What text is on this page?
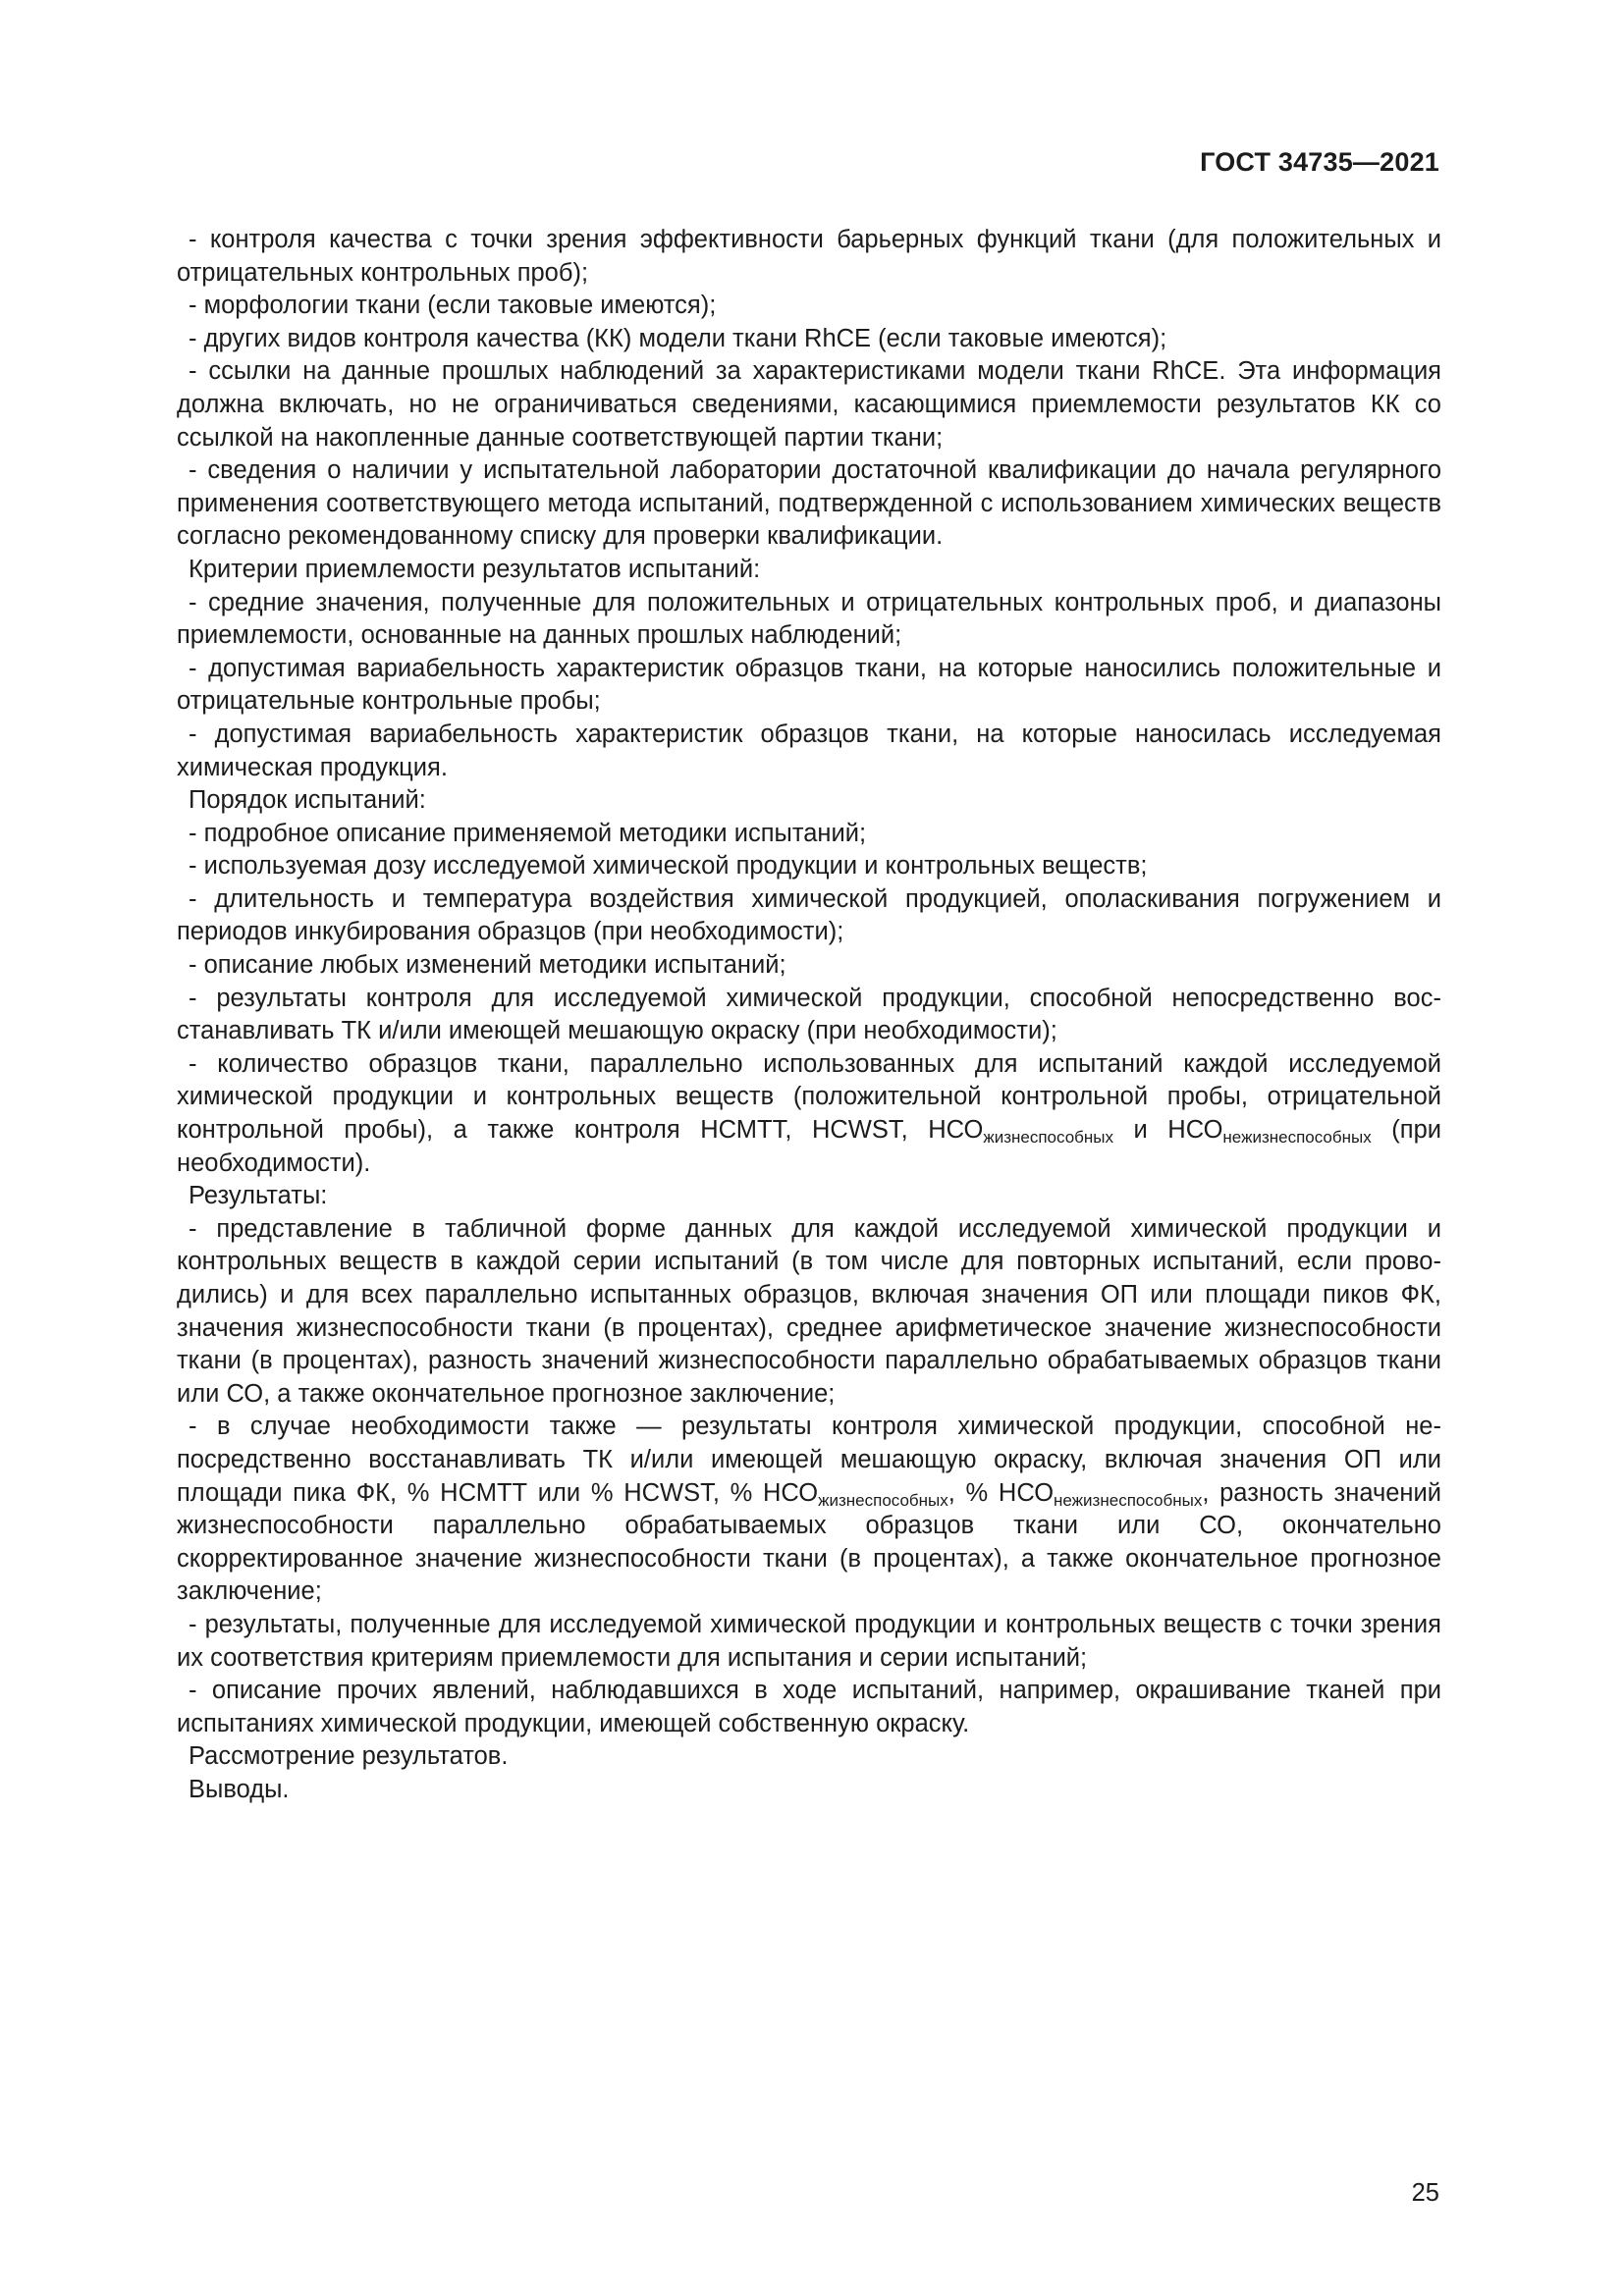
ГОСТ 34735—2021

- контроля качества с точки зрения эффективности барьерных функций ткани (для положительных и отрицательных контрольных проб);

- морфологии ткани (если таковые имеются);

- других видов контроля качества (КК) модели ткани RhCE (если таковые имеются);

- ссылки на данные прошлых наблюдений за характеристиками модели ткани RhCE. Эта информация должна включать, но не ограничиваться сведениями, касающимися приемлемости результатов КК со ссылкой на накопленные данные соответствующей партии ткани;

- сведения о наличии у испытательной лаборатории достаточной квалификации до начала регулярного применения соответствующего метода испытаний, подтвержденной с использованием химических веществ согласно рекомендованному списку для проверки квалификации.

Критерии приемлемости результатов испытаний:

- средние значения, полученные для положительных и отрицательных контрольных проб, и диапазоны приемлемости, основанные на данных прошлых наблюдений;

- допустимая вариабельность характеристик образцов ткани, на которые наносились положительные и отрицательные контрольные пробы;

- допустимая вариабельность характеристик образцов ткани, на которые наносилась исследуемая химическая продукция.

Порядок испытаний:

- подробное описание применяемой методики испытаний;

- используемая дозу исследуемой химической продукции и контрольных веществ;

- длительность и температура воздействия химической продукцией, ополаскивания погружением и периодов инкубирования образцов (при необходимости);

- описание любых изменений методики испытаний;

- результаты контроля для исследуемой химической продукции, способной непосредственно восстанавливать ТК и/или имеющей мешающую окраску (при необходимости);

- количество образцов ткани, параллельно использованных для испытаний каждой исследуемой химической продукции и контрольных веществ (положительной контрольной пробы, отрицательной контрольной пробы), а также контроля НСМТТ, HCWST, $НСО_{жизнеспособных}$ и $НСО_{нежизнеспособных}$ (при необходимости).

Результаты:

- представление в табличной форме данных для каждой исследуемой химической продукции и контрольных веществ в каждой серии испытаний (в том числе для повторных испытаний, если проводились) и для всех параллельно испытанных образцов, включая значения ОП или площади пиков ФК, значения жизнеспособности ткани (в процентах), среднее арифметическое значение жизнеспособности ткани (в процентах), разность значений жизнеспособности параллельно обрабатываемых образцов ткани или СО, а также окончательное прогнозное заключение;

- в случае необходимости также — результаты контроля химической продукции, способной непосредственно восстанавливать ТК и/или имеющей мешающую окраску, включая значения ОП или площади пика ФК, % НСМТТ или % HCWST, % $НСО_{жизнеспособных}$, % $НСО_{нежизнеспособных}$, разность значений жизнеспособности параллельно обрабатываемых образцов ткани или СО, окончательно скорректированное значение жизнеспособности ткани (в процентах), а также окончательное прогнозное заключение;

- результаты, полученные для исследуемой химической продукции и контрольных веществ с точки зрения их соответствия критериям приемлемости для испытания и серии испытаний;

- описание прочих явлений, наблюдавшихся в ходе испытаний, например, окрашивание тканей при испытаниях химической продукции, имеющей собственную окраску.

Рассмотрение результатов.

Выводы.

25
